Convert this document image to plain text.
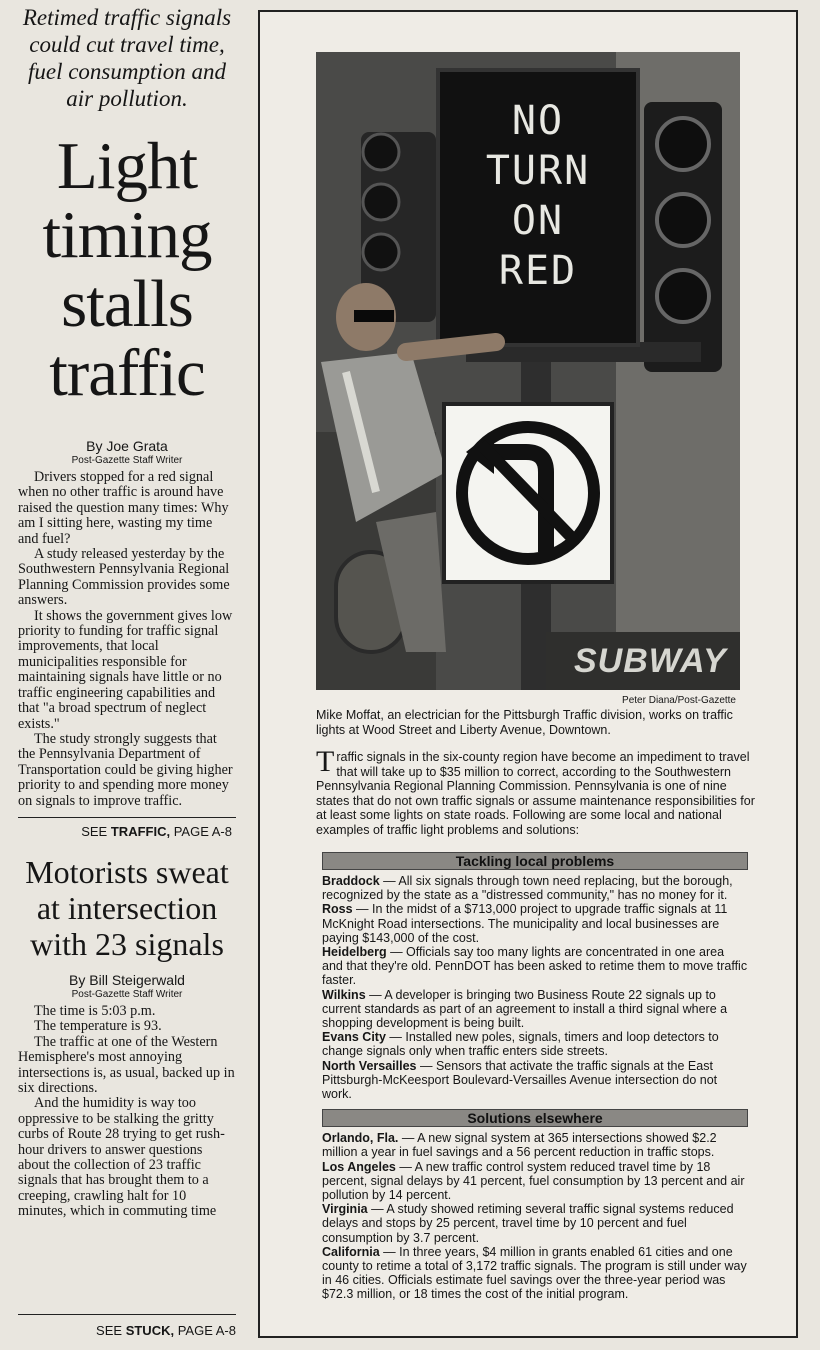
Retimed traffic signals could cut travel time, fuel consumption and air pollution.
Light
timing
stalls
traffic
By Joe Grata
Post-Gazette Staff Writer

Drivers stopped for a red signal when no other traffic is around have raised the question many times: Why am I sitting here, wasting my time and fuel?

A study released yesterday by the Southwestern Pennsylvania Regional Planning Commission provides some answers.

It shows the government gives low priority to funding for traffic signal improvements, that local municipalities responsible for maintaining signals have little or no traffic engineering capabilities and that "a broad spectrum of neglect exists."

The study strongly suggests that the Pennsylvania Department of Transportation could be giving higher priority to and spending more money on signals to improve traffic.

SEE TRAFFIC, PAGE A-8
Motorists sweat at intersection with 23 signals
By Bill Steigerwald
Post-Gazette Staff Writer

The time is 5:03 p.m.

The temperature is 93.

The traffic at one of the Western Hemisphere's most annoying intersections is, as usual, backed up in six directions.

And the humidity is way too oppressive to be stalking the gritty curbs of Route 28 trying to get rush-hour drivers to answer questions about the collection of 23 traffic signals that has brought them to a creeping, crawling halt for 10 minutes, which in commuting time

SEE STUCK, PAGE A-8
NO
TURN
ON
RED
SUBWAY
Peter Diana/Post-Gazette
Mike Moffat, an electrician for the Pittsburgh Traffic division, works on traffic lights at Wood Street and Liberty Avenue, Downtown.
Traffic signals in the six-county region have become an impediment to travel that will take up to $35 million to correct, according to the Southwestern Pennsylvania Regional Planning Commission. Pennsylvania is one of nine states that do not own traffic signals or assume maintenance responsibilities for at least some lights on state roads. Following are some local and national examples of traffic light problems and solutions:
Tackling local problems

Braddock — All six signals through town need replacing, but the borough, recognized by the state as a "distressed community," has no money for it.

Ross — In the midst of a $713,000 project to upgrade traffic signals at 11 McKnight Road intersections. The municipality and local businesses are paying $143,000 of the cost.

Heidelberg — Officials say too many lights are concentrated in one area and that they're old. PennDOT has been asked to retime them to move traffic faster.

Wilkins — A developer is bringing two Business Route 22 signals up to current standards as part of an agreement to install a third signal where a shopping development is being built.

Evans City — Installed new poles, signals, timers and loop detectors to change signals only when traffic enters side streets.

North Versailles — Sensors that activate the traffic signals at the East Pittsburgh-McKeesport Boulevard-Versailles Avenue intersection do not work.

Solutions elsewhere

Orlando, Fla. — A new signal system at 365 intersections showed $2.2 million a year in fuel savings and a 56 percent reduction in traffic stops.

Los Angeles — A new traffic control system reduced travel time by 18 percent, signal delays by 41 percent, fuel consumption by 13 percent and air pollution by 14 percent.

Virginia — A study showed retiming several traffic signal systems reduced delays and stops by 25 percent, travel time by 10 percent and fuel consumption by 3.7 percent.

California — In three years, $4 million in grants enabled 61 cities and one county to retime a total of 3,172 traffic signals. The program is still under way in 46 cities. Officials estimate fuel savings over the three-year period was $72.3 million, or 18 times the cost of the initial program.
